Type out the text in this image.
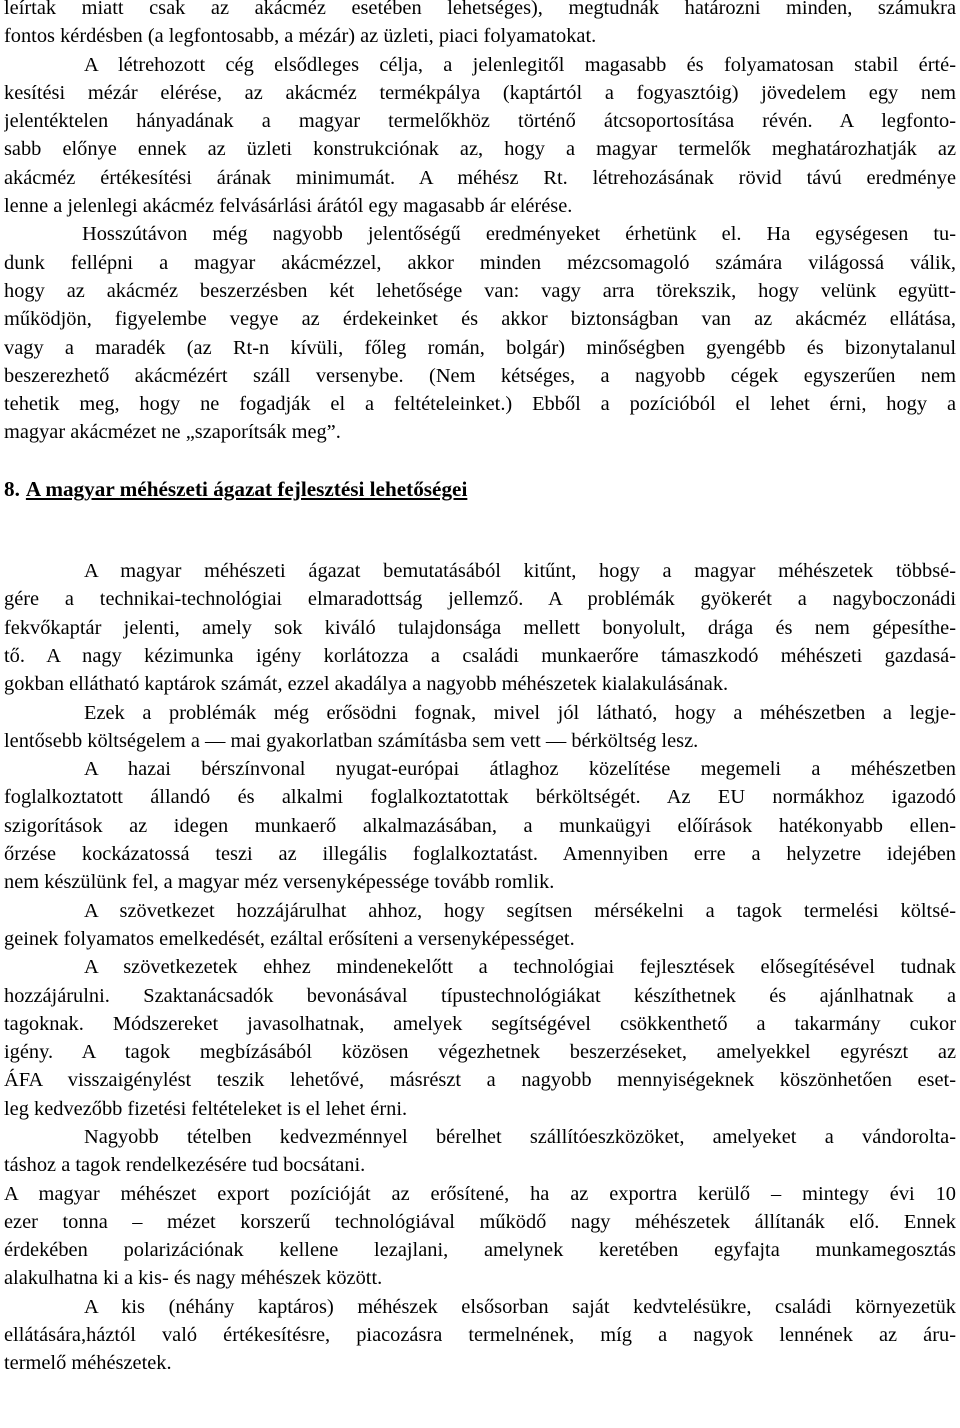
leírtak miatt csak az akácméz esetében lehetséges), megtudnák határozni minden, számukra
fontos kérdésben (a legfontosabb, a mézár) az üzleti, piaci folyamatokat.
A létrehozott cég elsődleges célja, a jelenlegitől magasabb és folyamatosan stabil érté-
kesítési mézár elérése, az akácméz termékpálya (kaptártól a fogyasztóig) jövedelem egy nem
jelentéktelen hányadának a magyar termelőkhöz történő átcsoportosítása révén. A legfonto-
sabb előnye ennek az üzleti konstrukciónak az, hogy a magyar termelők meghatározhatják az
akácméz értékesítési árának minimumát. A méhész Rt. létrehozásának rövid távú eredménye
lenne a jelenlegi akácméz felvásárlási árától egy magasabb ár elérése.
Hosszútávon még nagyobb jelentőségű eredményeket érhetünk el. Ha egységesen tu-
dunk fellépni a magyar akácmézzel, akkor minden mézcsomagoló számára világossá válik,
hogy az akácméz beszerzésben két lehetősége van: vagy arra törekszik, hogy velünk együtt-
működjön, figyelembe vegye az érdekeinket és akkor biztonságban van az akácméz ellátása,
vagy a maradék (az Rt-n kívüli, főleg román, bolgár) minőségben gyengébb és bizonytalanul
beszerezhető akácmézért száll versenybe. (Nem kétséges, a nagyobb cégek egyszerűen nem
tehetik meg, hogy ne fogadják el a feltételeinket.) Ebből a pozícióból el lehet érni, hogy a
magyar akácmézet ne „szaporítsák meg”.
8. A magyar méhészeti ágazat fejlesztési lehetőségei
A magyar méhészeti ágazat bemutatásából kitűnt, hogy a magyar méhészetek többsé-
gére a technikai-technológiai elmaradottság jellemző. A problémák gyökerét a nagyboczonádi
fekvőkaptár jelenti, amely sok kiváló tulajdonsága mellett bonyolult, drága és nem gépesíthe-
tő. A nagy kézimunka igény korlátozza a családi munkaerőre támaszkodó méhészeti gazdasá-
gokban ellátható kaptárok számát, ezzel akadálya a nagyobb méhészetek kialakulásának.
Ezek a problémák még erősödni fognak, mivel jól látható, hogy a méhészetben a legje-
lentősebb költségelem a — mai gyakorlatban számításba sem vett — bérköltség lesz.
A hazai bérszínvonal nyugat-európai átlaghoz közelítése megemeli a méhészetben
foglalkoztatott állandó és alkalmi foglalkoztatottak bérköltségét. Az EU normákhoz igazodó
szigorítások az idegen munkaerő alkalmazásában, a munkaügyi előírások hatékonyabb ellen-
őrzése kockázatossá teszi az illegális foglalkoztatást. Amennyiben erre a helyzetre idejében
nem készülünk fel, a magyar méz versenyképessége tovább romlik.
A szövetkezet hozzájárulhat ahhoz, hogy segítsen mérsékelni a tagok termelési költsé-
geinek folyamatos emelkedését, ezáltal erősíteni a versenyképességet.
A szövetkezetek ehhez mindenekelőtt a technológiai fejlesztések elősegítésével tudnak
hozzájárulni. Szaktanácsadók bevonásával típustechnológiákat készíthetnek és ajánlhatnak a
tagoknak. Módszereket javasolhatnak, amelyek segítségével csökkenthető a takarmány cukor
igény. A tagok megbízásából közösen végezhetnek beszerzéseket, amelyekkel egyrészt az
ÁFA visszaigénylést teszik lehetővé, másrészt a nagyobb mennyiségeknek köszönhetően eset-
leg kedvezőbb fizetési feltételeket is el lehet érni.
Nagyobb tételben kedvezménnyel bérelhet szállítóeszközöket, amelyeket a vándorolta-
táshoz a tagok rendelkezésére tud bocsátani.
A magyar méhészet export pozícióját az erősítené, ha az exportra kerülő – mintegy évi 10
ezer tonna – mézet korszerű technológiával működő nagy méhészetek állítanák elő. Ennek
érdekében polarizációnak kellene lezajlani, amelynek keretében egyfajta munkamegosztás
alakulhatna ki a kis- és nagy méhészek között.
A kis (néhány kaptáros) méhészek elsősorban saját kedvtelésükre, családi környezetük
ellátására,háztól való értékesítésre, piacozásra termelnének, míg a nagyok lennének az áru-
termelő méhészetek.
